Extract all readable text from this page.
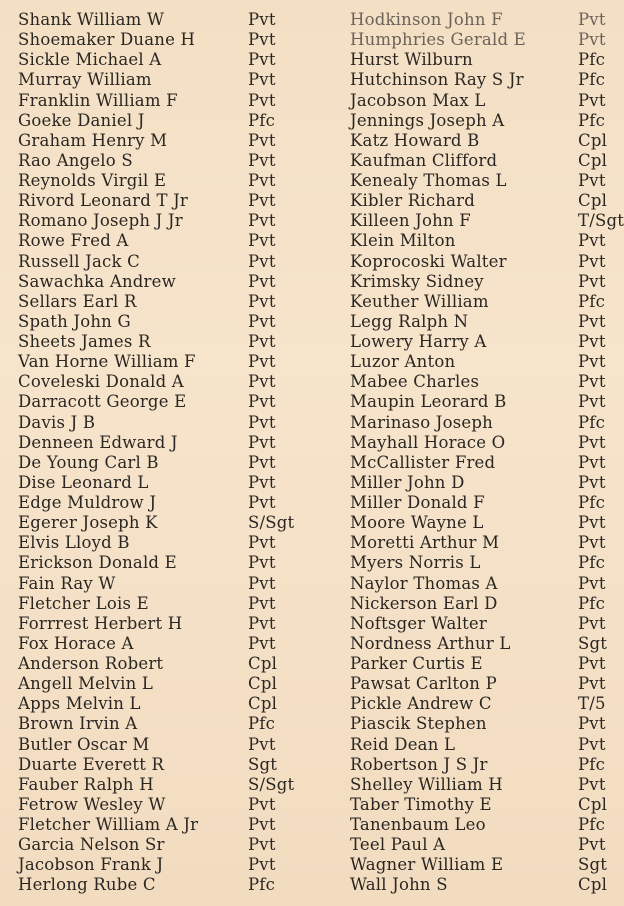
Shank William W	Pvt
Shoemaker Duane H	Pvt
Sickle Michael A	Pvt
Murray William	Pvt
Franklin William F	Pvt
Goeke Daniel J	Pfc
Graham Henry M	Pvt
Rao Angelo S	Pvt
Reynolds Virgil E	Pvt
Rivord Leonard T Jr	Pvt
Romano Joseph J Jr	Pvt
Rowe Fred A	Pvt
Russell Jack C	Pvt
Sawachka Andrew	Pvt
Sellars Earl R	Pvt
Spath John G	Pvt
Sheets James R	Pvt
Van Horne William F	Pvt
Coveleski Donald A	Pvt
Darracott George E	Pvt
Davis J B	Pvt
Denneen Edward J	Pvt
De Young Carl B	Pvt
Dise Leonard L	Pvt
Edge Muldrow J	Pvt
Egerer Joseph K	S/Sgt
Elvis Lloyd B	Pvt
Erickson Donald E	Pvt
Fain Ray W	Pvt
Fletcher Lois E	Pvt
Forrrest Herbert H	Pvt
Fox Horace A	Pvt
Anderson Robert	Cpl
Angell Melvin L	Cpl
Apps Melvin L	Cpl
Brown Irvin A	Pfc
Butler Oscar M	Pvt
Duarte Everett R	Sgt
Fauber Ralph H	S/Sgt
Fetrow Wesley W	Pvt
Fletcher William A Jr	Pvt
Garcia Nelson Sr	Pvt
Jacobson Frank J	Pvt
Herlong Rube C	Pfc
Hodkinson John F	Pvt
Humphries Gerald E	Pvt
Hurst Wilburn	Pfc
Hutchinson Ray S Jr	Pfc
Jacobson Max L	Pvt
Jennings Joseph A	Pfc
Katz Howard B	Cpl
Kaufman Clifford	Cpl
Kenealy Thomas L	Pvt
Kibler Richard	Cpl
Killeen John F	T/Sgt
Klein Milton	Pvt
Koprocoski Walter	Pvt
Krimsky Sidney	Pvt
Keuther William	Pfc
Legg Ralph N	Pvt
Lowery Harry A	Pvt
Luzor Anton	Pvt
Mabee Charles	Pvt
Maupin Leorard B	Pvt
Marinaso Joseph	Pfc
Mayhall Horace O	Pvt
McCallister Fred	Pvt
Miller John D	Pvt
Miller Donald F	Pfc
Moore Wayne L	Pvt
Moretti Arthur M	Pvt
Myers Norris L	Pfc
Naylor Thomas A	Pvt
Nickerson Earl D	Pfc
Noftsger Walter	Pvt
Nordness Arthur L	Sgt
Parker Curtis E	Pvt
Pawsat Carlton P	Pvt
Pickle Andrew C	T/5
Piascik Stephen	Pvt
Reid Dean L	Pvt
Robertson J S Jr	Pfc
Shelley William H	Pvt
Taber Timothy E	Cpl
Tanenbaum Leo	Pfc
Teel Paul A	Pvt
Wagner William E	Sgt
Wall John S	Cpl
